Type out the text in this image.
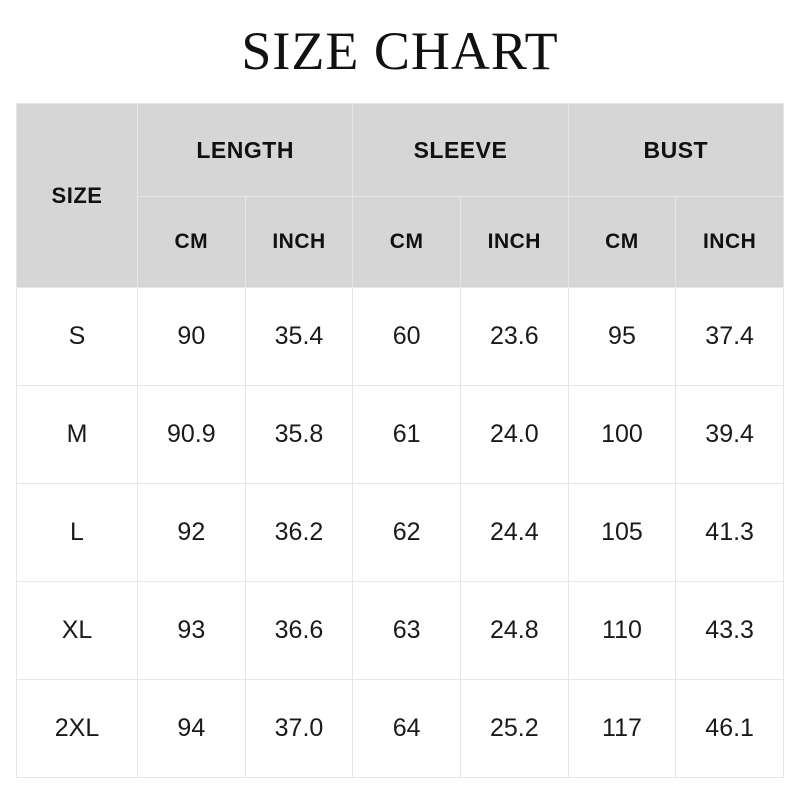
SIZE CHART
SIZE	LENGTH		SLEEVE		BUST	
	CM	INCH	CM	INCH	CM	INCH
S	90	35.4	60	23.6	95	37.4
M	90.9	35.8	61	24.0	100	39.4
L	92	36.2	62	24.4	105	41.3
XL	93	36.6	63	24.8	110	43.3
2XL	94	37.0	64	25.2	117	46.1
